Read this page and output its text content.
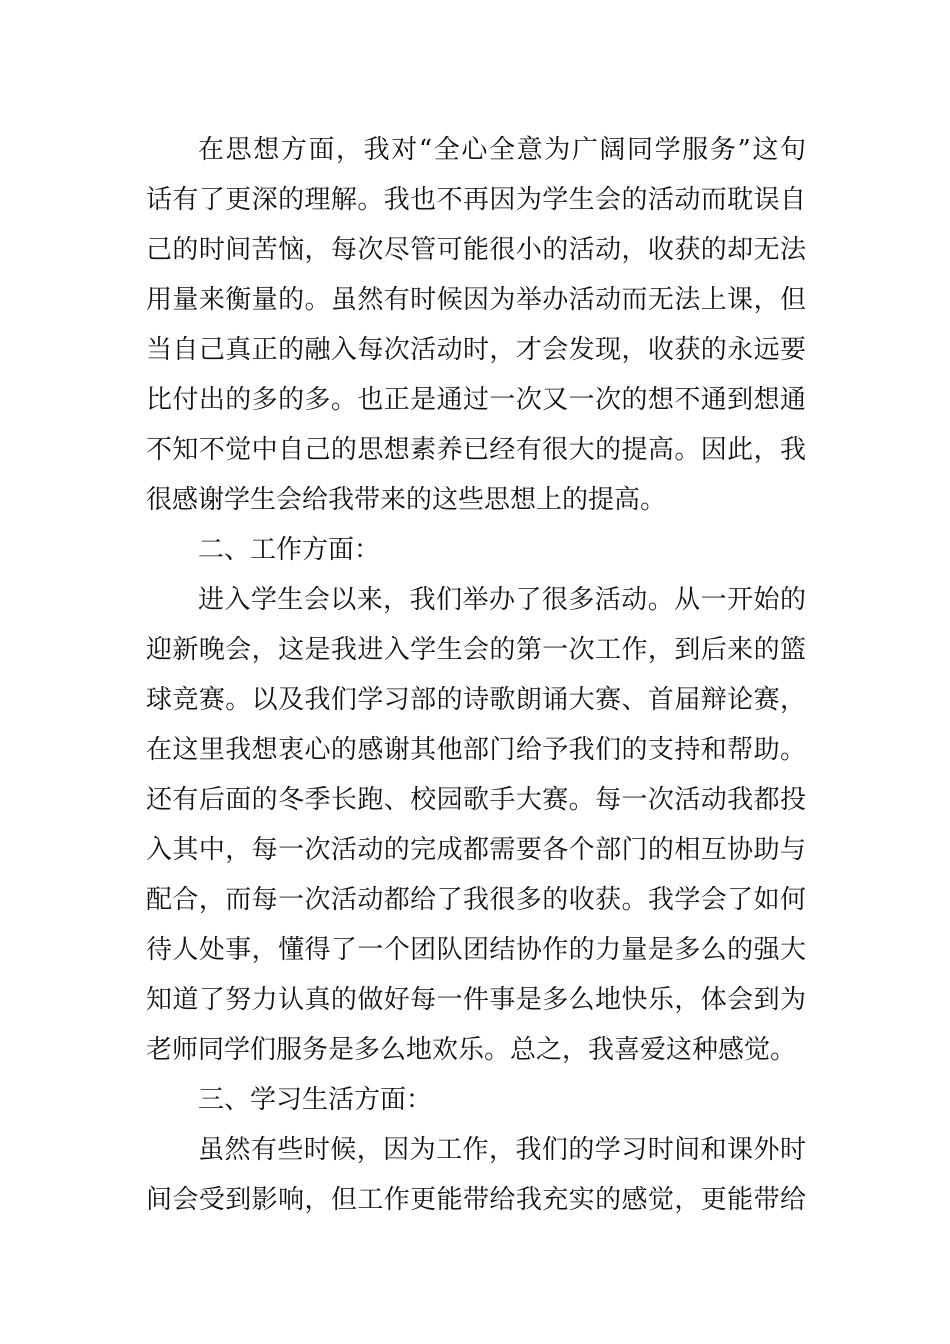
在思想方面，我对“全心全意为广阔同学服务”这句
话有了更深的理解。我也不再因为学生会的活动而耽误自
己的时间苦恼，每次尽管可能很小的活动，收获的却无法
用量来衡量的。虽然有时候因为举办活动而无法上课，但
当自己真正的融入每次活动时，才会发现，收获的永远要
比付出的多的多。也正是通过一次又一次的想不通到想通
不知不觉中自己的思想素养已经有很大的提高。因此，我
很感谢学生会给我带来的这些思想上的提高。
二、工作方面：
进入学生会以来，我们举办了很多活动。从一开始的
迎新晚会，这是我进入学生会的第一次工作，到后来的篮
球竞赛。以及我们学习部的诗歌朗诵大赛、首届辩论赛，
在这里我想衷心的感谢其他部门给予我们的支持和帮助。
还有后面的冬季长跑、校园歌手大赛。每一次活动我都投
入其中，每一次活动的完成都需要各个部门的相互协助与
配合，而每一次活动都给了我很多的收获。我学会了如何
待人处事，懂得了一个团队团结协作的力量是多么的强大
知道了努力认真的做好每一件事是多么地快乐，体会到为
老师同学们服务是多么地欢乐。总之，我喜爱这种感觉。
三、学习生活方面：
虽然有些时候，因为工作，我们的学习时间和课外时
间会受到影响，但工作更能带给我充实的感觉，更能带给
